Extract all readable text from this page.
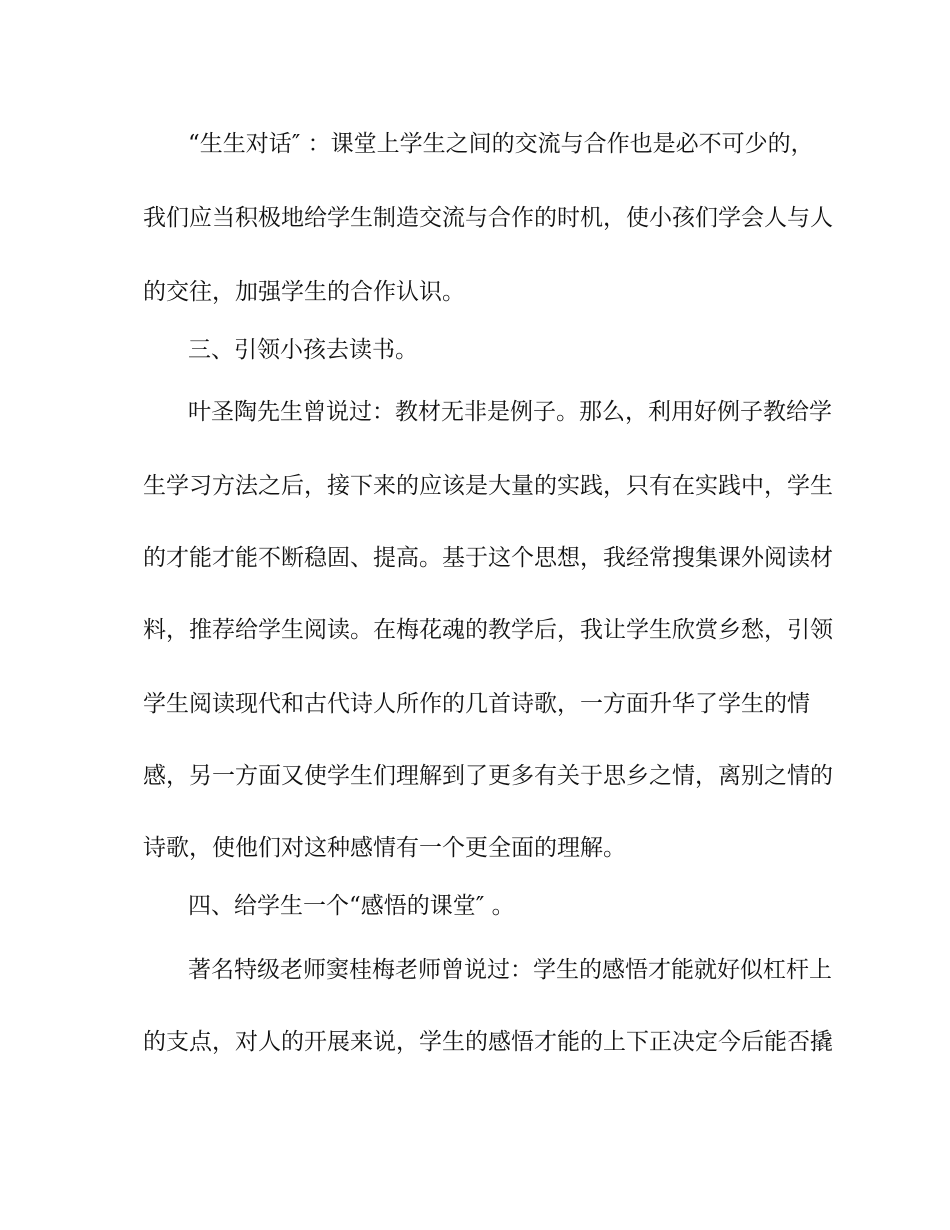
“生生对话″ ：课堂上学生之间的交流与合作也是必不可少的，
我们应当积极地给学生制造交流与合作的时机，使小孩们学会人与人
的交往，加强学生的合作认识。
三、引领小孩去读书。
叶圣陶先生曾说过：教材无非是例子。那么，利用好例子教给学
生学习方法之后，接下来的应该是大量的实践，只有在实践中，学生
的才能才能不断稳固、提高。基于这个思想，我经常搜集课外阅读材
料，推荐给学生阅读。在梅花魂的教学后，我让学生欣赏乡愁，引领
学生阅读现代和古代诗人所作的几首诗歌，一方面升华了学生的情
感，另一方面又使学生们理解到了更多有关于思乡之情，离别之情的
诗歌，使他们对这种感情有一个更全面的理解。
四、给学生一个“感悟的课堂″ 。
著名特级老师窦桂梅老师曾说过：学生的感悟才能就好似杠杆上
的支点，对人的开展来说，学生的感悟才能的上下正决定今后能否撬
